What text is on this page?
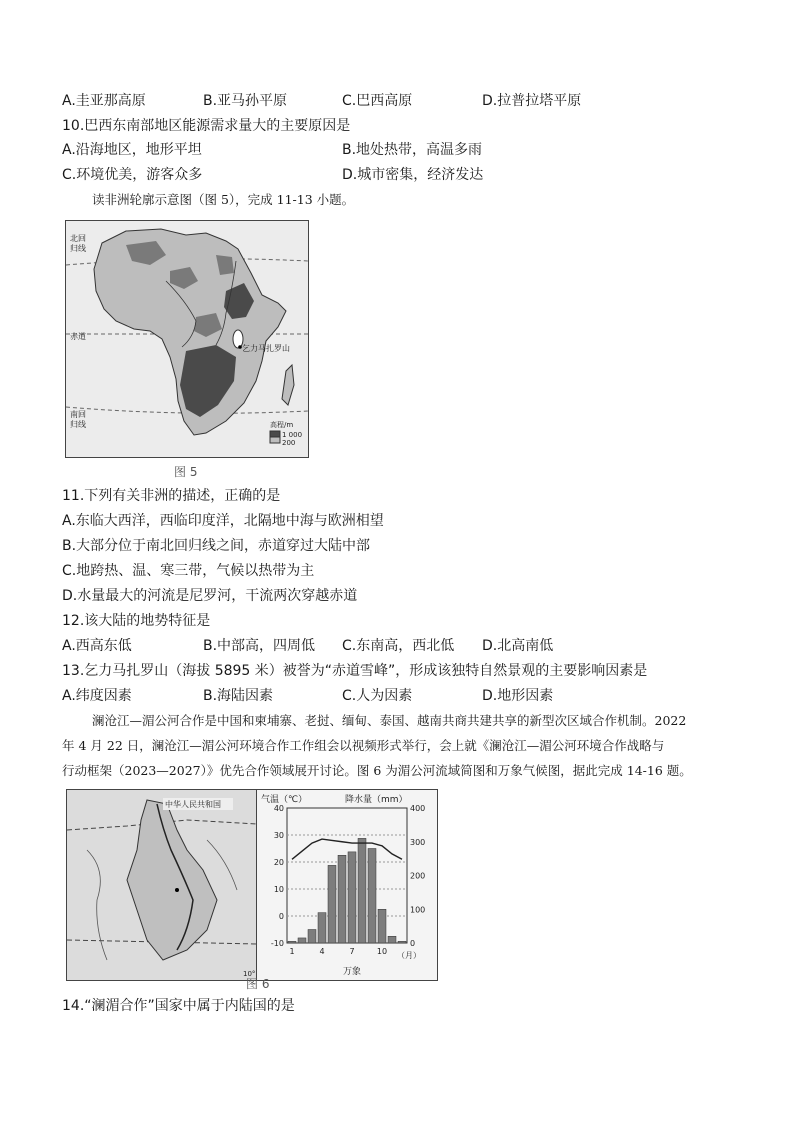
A.圭亚那高原	B.亚马孙平原	C.巴西高原	D.拉普拉塔平原
10.巴西东南部地区能源需求量大的主要原因是
A.沿海地区，地形平坦	B.地处热带，高温多雨
C.环境优美，游客众多	D.城市密集，经济发达
读非洲轮廓示意图（图 5），完成 11-13 小题。
北回
归线
赤道
南回
归线
乞力马扎罗山
高程/m
1 000
200
图 5
11.下列有关非洲的描述，正确的是
A.东临大西洋，西临印度洋，北隔地中海与欧洲相望
B.大部分位于南北回归线之间，赤道穿过大陆中部
C.地跨热、温、寒三带，气候以热带为主
D.水量最大的河流是尼罗河，干流两次穿越赤道
12.该大陆的地势特征是
A.西高东低	B.中部高，四周低 C.东南高，西北低 D.北高南低
13.乞力马扎罗山（海拔 5895 米）被誉为“赤道雪峰”，形成该独特自然景观的主要影响因素是
A.纬度因素	B.海陆因素	C.人为因素	D.地形因素
澜沧江—湄公河合作是中国和柬埔寨、老挝、缅甸、泰国、越南共商共建共享的新型次区域合作机制。2022
年 4 月 22 日，澜沧江—湄公河环境合作工作组会以视频形式举行，会上就《澜沧江—湄公河环境合作战略与
行动框架（2023—2027）》优先合作领域展开讨论。图 6 为湄公河流域简图和万象气候图，据此完成 14-16 题。
中华人民共和国
10°
气温（℃）	降水量（mm）
40
30
20
10
0
-10
400
300
200
100
0
1	4	7	10
万象
（月）
图 6
14.“澜湄合作”国家中属于内陆国的是
